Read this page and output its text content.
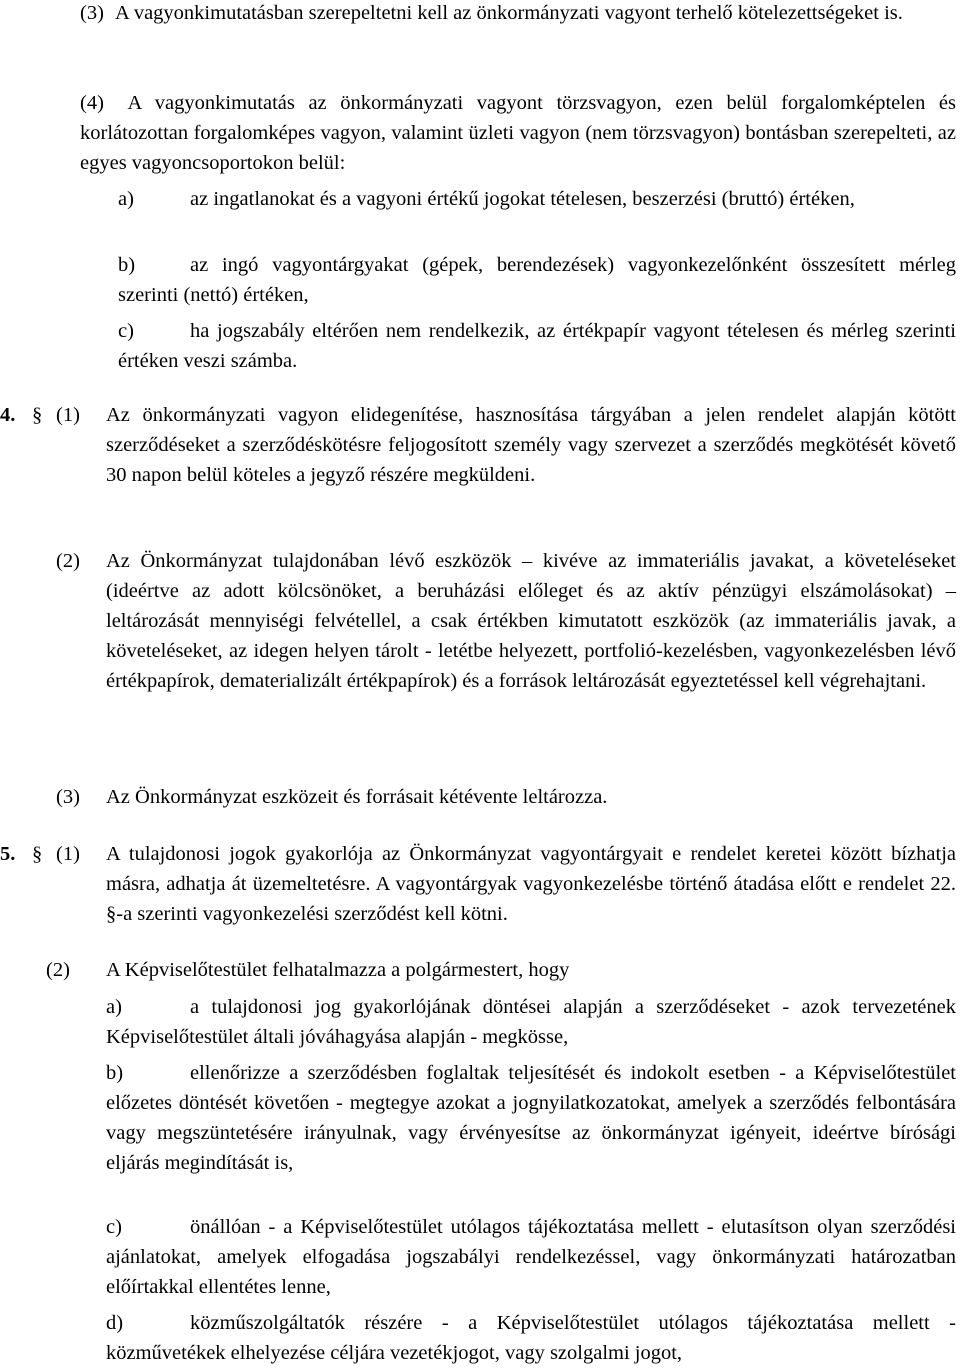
(3) A vagyonkimutatásban szerepeltetni kell az önkormányzati vagyont terhelő kötelezettségeket is.
(4) A vagyonkimutatás az önkormányzati vagyont törzsvagyon, ezen belül forgalomképtelen és korlátozottan forgalomképes vagyon, valamint üzleti vagyon (nem törzsvagyon) bontásban szerepelteti, az egyes vagyoncsoportokon belül:
a)	az ingatlanokat és a vagyoni értékű jogokat tételesen, beszerzési (bruttó) értéken,
b)	az ingó vagyontárgyakat (gépek, berendezések) vagyonkezelőnként összesített mérleg szerinti (nettó) értéken,
c)	ha jogszabály eltérően nem rendelkezik, az értékpapír vagyont tételesen és mérleg szerinti értéken veszi számba.
4. § (1) Az önkormányzati vagyon elidegenítése, hasznosítása tárgyában a jelen rendelet alapján kötött szerződéseket a szerződéskötésre feljogosított személy vagy szervezet a szerződés megkötését követő 30 napon belül köteles a jegyző részére megküldeni.
(2) Az Önkormányzat tulajdonában lévő eszközök – kivéve az immateriális javakat, a követeléseket (ideértve az adott kölcsönöket, a beruházási előleget és az aktív pénzügyi elszámolásokat) – leltározását mennyiségi felvétellel, a csak értékben kimutatott eszközök (az immateriális javak, a követeléseket, az idegen helyen tárolt - letétbe helyezett, portfolió-kezelésben, vagyonkezelésben lévő értékpapírok, dematerializált értékpapírok) és a források leltározását egyeztetéssel kell végrehajtani.
(3) Az Önkormányzat eszközeit és forrásait kétévente leltározza.
5. § (1) A tulajdonosi jogok gyakorlója az Önkormányzat vagyontárgyait e rendelet keretei között bízhatja másra, adhatja át üzemeltetésre. A vagyontárgyak vagyonkezelésbe történő átadása előtt e rendelet 22. §-a szerinti vagyonkezelési szerződést kell kötni.
(2) A Képviselőtestület felhatalmazza a polgármestert, hogy
a)	a tulajdonosi jog gyakorlójának döntései alapján a szerződéseket - azok tervezetének Képviselőtestület általi jóváhagyása alapján - megkösse,
b)	ellenőrizze a szerződésben foglaltak teljesítését és indokolt esetben - a Képviselőtestület előzetes döntését követően - megtegye azokat a jognyilatkozatokat, amelyek a szerződés felbontására vagy megszüntetésére irányulnak, vagy érvényesítse az önkormányzat igényeit, ideértve bírósági eljárás megindítását is,
c)	önállóan - a Képviselőtestület utólagos tájékoztatása mellett - elutasítson olyan szerződési ajánlatokat, amelyek elfogadása jogszabályi rendelkezéssel, vagy önkormányzati határozatban előírtakkal ellentétes lenne,
d)	közműszolgáltatók részére - a Képviselőtestület utólagos tájékoztatása mellett - közművetékek elhelyezése céljára vezetékjogot, vagy szolgalmi jogot,
